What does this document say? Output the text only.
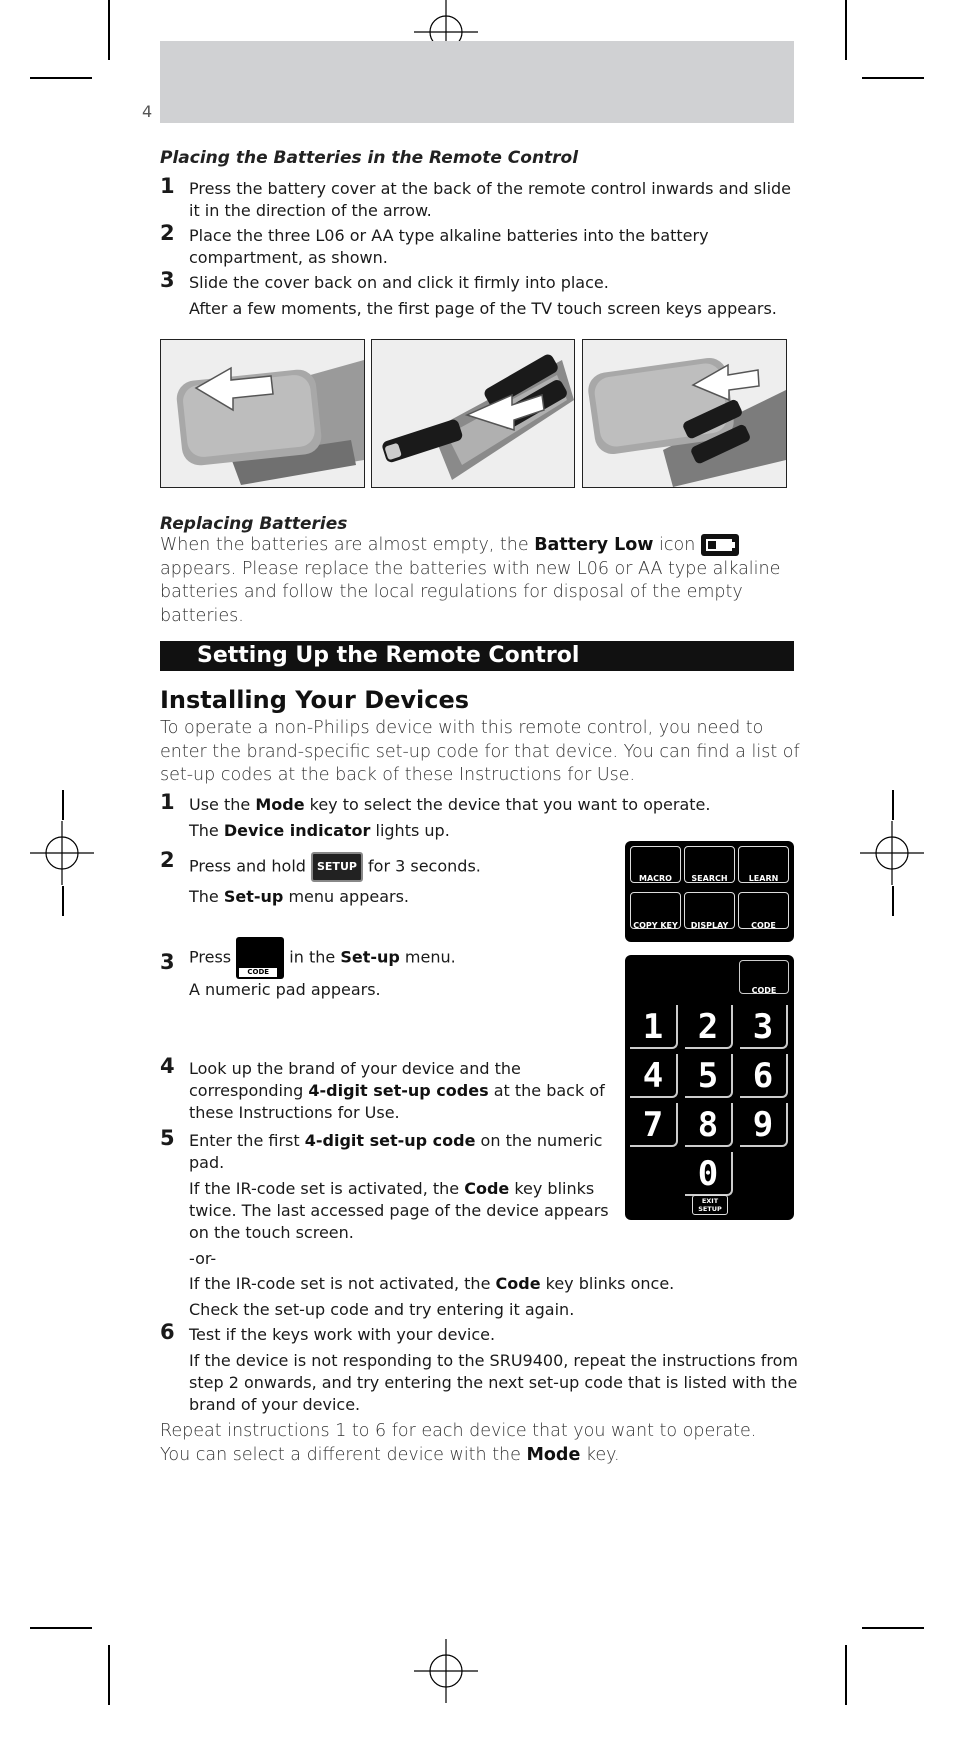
4
Placing the Batteries in the Remote Control
1 Press the battery cover at the back of the remote control inwards and slide it in the direction of the arrow.
2 Place the three L06 or AA type alkaline batteries into the battery compartment, as shown.
3 Slide the cover back on and click it firmly into place.
After a few moments, the first page of the TV touch screen keys appears.
Replacing Batteries
When the batteries are almost empty, the Battery Low icon  appears. Please replace the batteries with new L06 or AA type alkaline batteries and follow the local regulations for disposal of the empty batteries.
Setting Up the Remote Control
Installing Your Devices
To operate a non-Philips device with this remote control, you need to enter the brand-specific set-up code for that device. You can find a list of set-up codes at the back of these Instructions for Use.
1 Use the Mode key to select the device that you want to operate.
The Device indicator lights up.
2 Press and hold SETUP for 3 seconds.
The Set-up menu appears.
3 Press
CODE
in the Set-up menu.
A numeric pad appears.
4 Look up the brand of your device and the corresponding 4-digit set-up codes at the back of these Instructions for Use.
5 Enter the first 4-digit set-up code on the numeric pad.
If the IR-code set is activated, the Code key blinks twice. The last accessed page of the device appears on the touch screen.
-or-
If the IR-code set is not activated, the Code key blinks once.
Check the set-up code and try entering it again.
6 Test if the keys work with your device.
If the device is not responding to the SRU9400, repeat the instructions from step 2 onwards, and try entering the next set-up code that is listed with the brand of your device.
Repeat instructions 1 to 6 for each device that you want to operate.
You can select a different device with the Mode key.
MACRO	SEARCH	LEARN
COPY KEY	DISPLAY	CODE
CODE
1	2	3
4	5	6
7	8	9
0
EXIT
SETUP
